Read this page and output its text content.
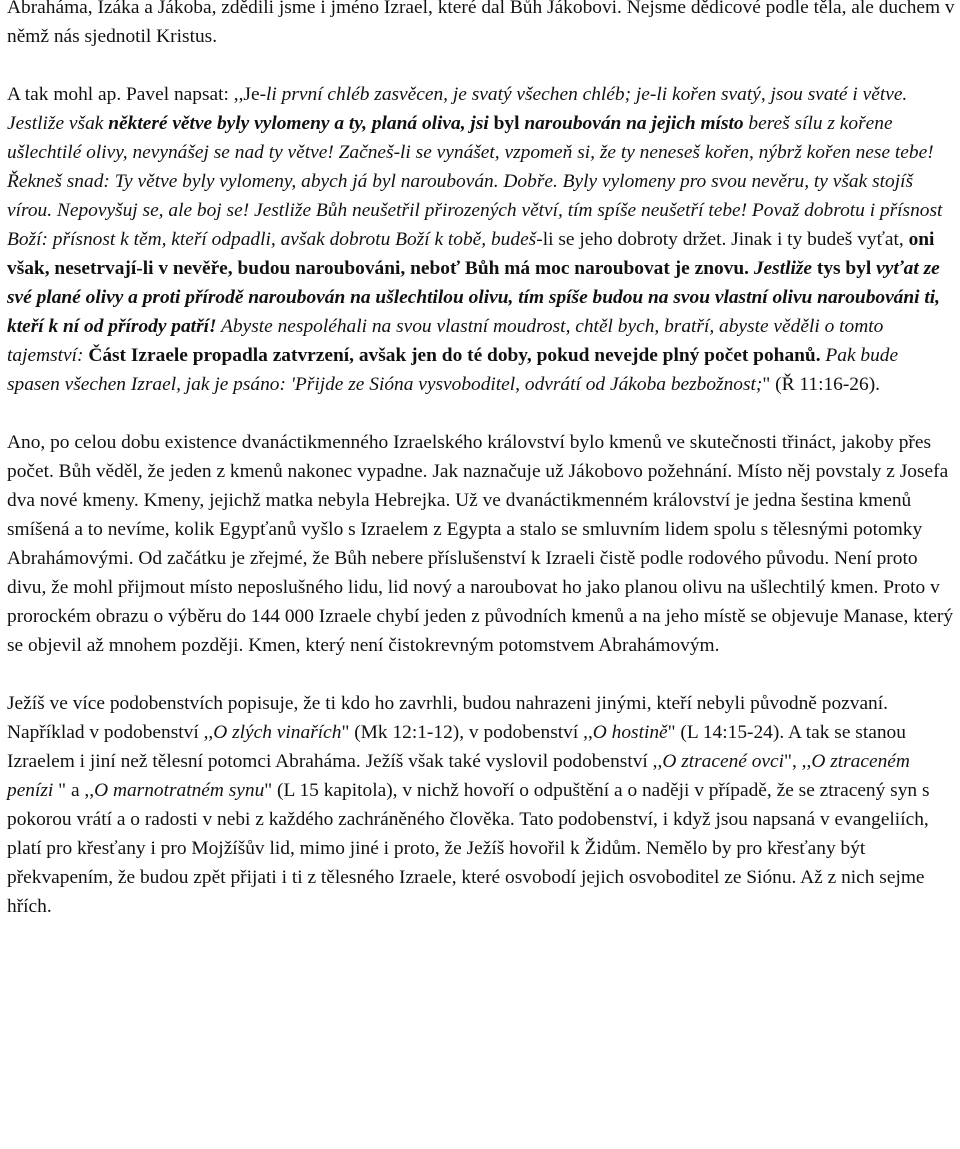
Abraháma, Izáka a Jákoba, zdědili jsme i jméno Izrael, které dal Bůh Jákobovi. Nejsme dědicové podle těla, ale duchem v němž nás sjednotil Kristus.

A tak mohl ap. Pavel napsat: ,,Je-li první chléb zasvěcen, je svatý všechen chléb; je-li kořen svatý, jsou svaté i větve. Jestliže však některé větve byly vylomeny a ty, planá oliva, jsi byl naroubován na jejich místo bereš sílu z kořene ušlechtilé olivy, nevynášej se nad ty větve! Začneš-li se vynášet, vzpomeň si, že ty neneseš kořen, nýbrž kořen nese tebe! Řekneš snad: Ty větve byly vylomeny, abych já byl naroubován. Dobře. Byly vylomeny pro svou nevěru, ty však stojíš vírou. Nepovyšuj se, ale boj se! Jestliže Bůh neušetřil přirozených větví, tím spíše neušetří tebe! Považ dobrotu i přísnost Boží: přísnost k těm, kteří odpadli, avšak dobrotu Boží k tobě, budeš-li se jeho dobroty držet. Jinak i ty budeš vyťat, oni však, nesetrvají-li v nevěře, budou naroubováni, neboť Bůh má moc naroubovat je znovu. Jestliže tys byl vyťat ze své plané olivy a proti přírodě naroubován na ušlechtilou olivu, tím spíše budou na svou vlastní olivu naroubováni ti, kteří k ní od přírody patří! Abyste nespoléhali na svou vlastní moudrost, chtěl bych, bratří, abyste věděli o tomto tajemství: Část Izraele propadla zatvrzení, avšak jen do té doby, pokud nevejde plný počet pohanů. Pak bude spasen všechen Izrael, jak je psáno: 'Přijde ze Sióna vysvoboditel, odvrátí od Jákoba bezbožnost;" (Ř 11:16-26).

Ano, po celou dobu existence dvanáctikmenného Izraelského království bylo kmenů ve skutečnosti třináct, jakoby přes počet. Bůh věděl, že jeden z kmenů nakonec vypadne. Jak naznačuje už Jákobovo požehnání. Místo něj povstaly z Josefa dva nové kmeny. Kmeny, jejichž matka nebyla Hebrejka. Už ve dvanáctikmenném království je jedna šestina kmenů smíšená a to nevíme, kolik Egypťanů vyšlo s Izraelem z Egypta a stalo se smluvním lidem spolu s tělesnými potomky Abrahámovými. Od začátku je zřejmé, že Bůh nebere příslušenství k Izraeli čistě podle rodového původu. Není proto divu, že mohl přijmout místo neposlušného lidu, lid nový a naroubovat ho jako planou olivu na ušlechtilý kmen. Proto v prorockém obrazu o výběru do 144 000 Izraele chybí jeden z původních kmenů a na jeho místě se objevuje Manase, který se objevil až mnohem později. Kmen, který není čistokrevným potomstvem Abrahámovým.

Ježíš ve více podobenstvích popisuje, že ti kdo ho zavrhli, budou nahrazeni jinými, kteří nebyli původně pozvaní. Například v podobenství ,,O zlých vinařích" (Mk 12:1-12), v podobenství ,,O hostině" (L 14:15-24). A tak se stanou Izraelem i jiní než tělesní potomci Abraháma. Ježíš však také vyslovil podobenství ,,O ztracené ovci", ,,O ztraceném penízi " a ,,O marnotratném synu" (L 15 kapitola), v nichž hovoří o odpuštění a o naději v případě, že se ztracený syn s pokorou vrátí a o radosti v nebi z každého zachráněného člověka. Tato podobenství, i když jsou napsaná v evangeliích, platí pro křesťany i pro Mojžíšův lid, mimo jiné i proto, že Ježíš hovořil k Židům. Nemělo by pro křesťany být překvapením, že budou zpět přijati i ti z tělesného Izraele, které osvobodí jejich osvoboditel ze Siónu. Až z nich sejme hřích.
